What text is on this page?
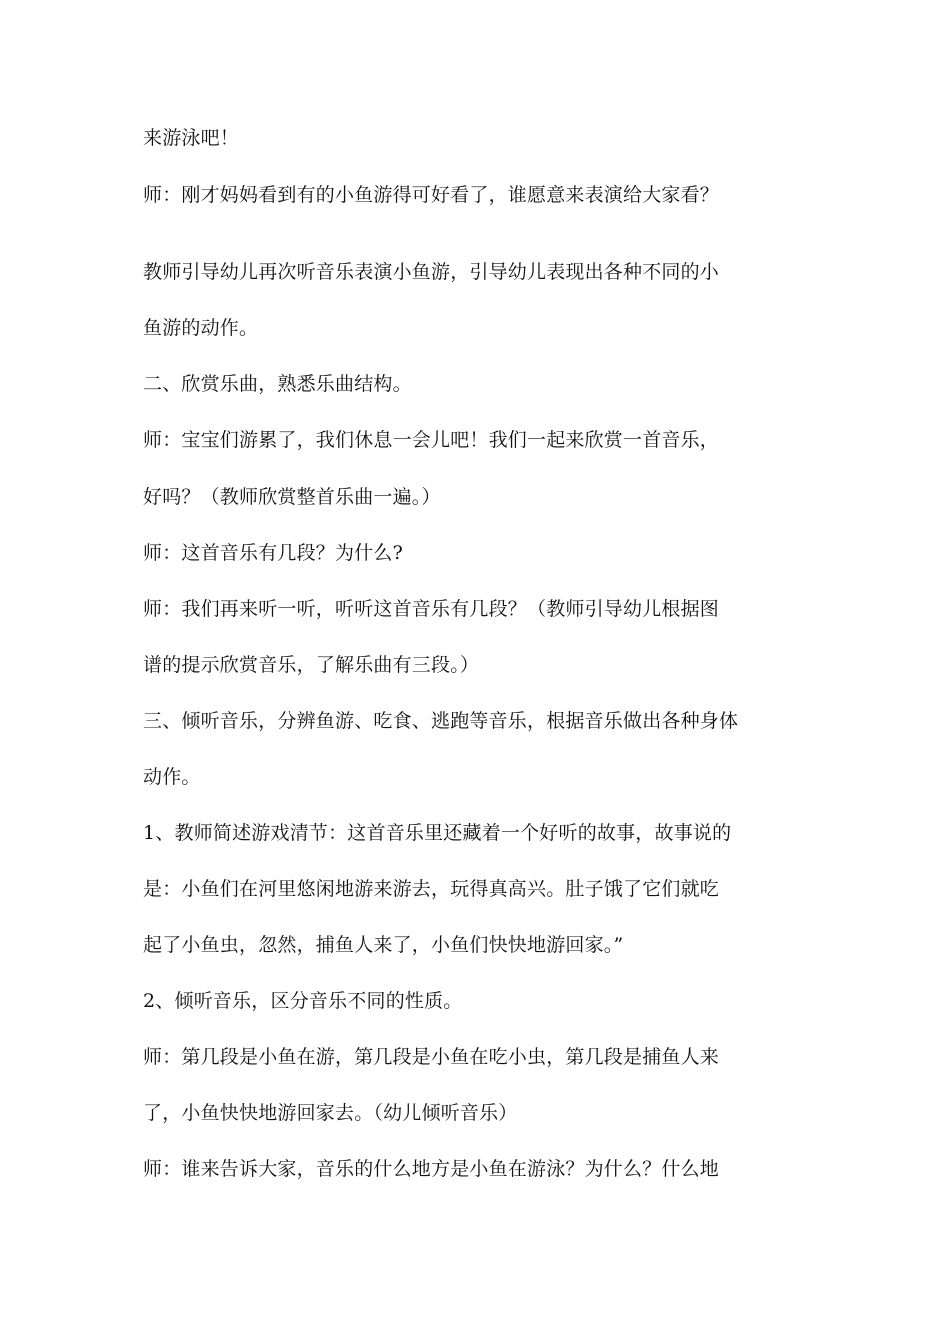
来游泳吧！
师：刚才妈妈看到有的小鱼游得可好看了，谁愿意来表演给大家看？
教师引导幼儿再次听音乐表演小鱼游，引导幼儿表现出各种不同的小
鱼游的动作。
二、欣赏乐曲，熟悉乐曲结构。
师：宝宝们游累了，我们休息一会儿吧！我们一起来欣赏一首音乐，
好吗？（教师欣赏整首乐曲一遍。）
师：这首音乐有几段？为什么?
师：我们再来听一听，听听这首音乐有几段？（教师引导幼儿根据图
谱的提示欣赏音乐，了解乐曲有三段。）
三、倾听音乐，分辨鱼游、吃食、逃跑等音乐，根据音乐做出各种身体
动作。
1、教师简述游戏清节：这首音乐里还藏着一个好听的故事，故事说的
是：小鱼们在河里悠闲地游来游去，玩得真高兴。肚子饿了它们就吃
起了小鱼虫，忽然，捕鱼人来了，小鱼们快快地游回家。”
2、倾听音乐，区分音乐不同的性质。
师：第几段是小鱼在游，第几段是小鱼在吃小虫，第几段是捕鱼人来
了，小鱼快快地游回家去。（幼儿倾听音乐）
师：谁来告诉大家，音乐的什么地方是小鱼在游泳？为什么？什么地
